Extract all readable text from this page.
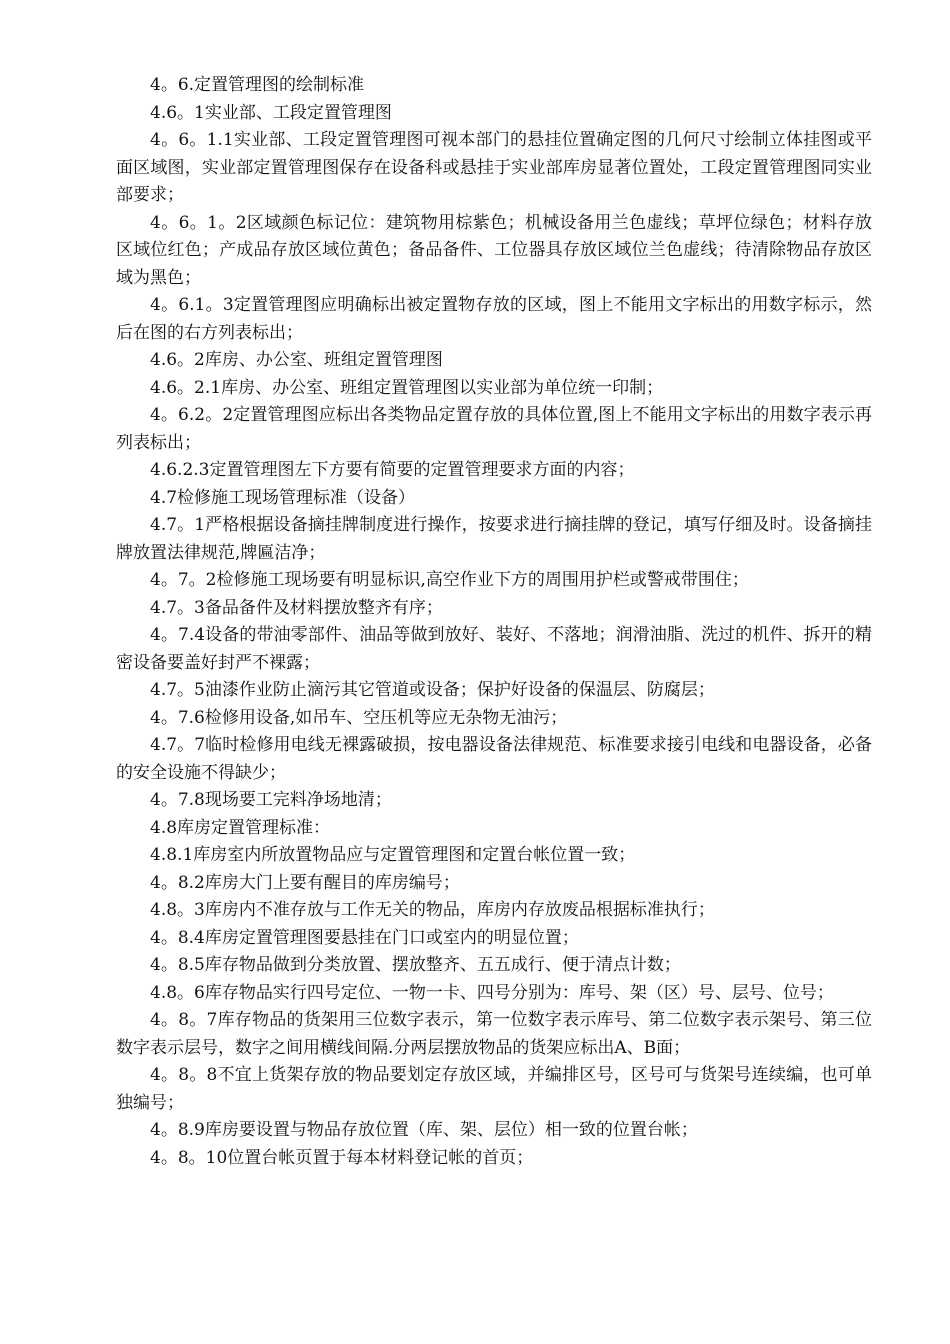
4。6.定置管理图的绘制标准

4.6。1实业部、工段定置管理图

4。6。1.1实业部、工段定置管理图可视本部门的悬挂位置确定图的几何尺寸绘制立体挂图或平面区域图，实业部定置管理图保存在设备科或悬挂于实业部库房显著位置处，工段定置管理图同实业部要求；

4。6。1。2区域颜色标记位：建筑物用棕紫色；机械设备用兰色虚线；草坪位绿色；材料存放区域位红色；产成品存放区域位黄色；备品备件、工位器具存放区域位兰色虚线；待清除物品存放区域为黑色；

4。6.1。3定置管理图应明确标出被定置物存放的区域，图上不能用文字标出的用数字标示，然后在图的右方列表标出；

4.6。2库房、办公室、班组定置管理图

4.6。2.1库房、办公室、班组定置管理图以实业部为单位统一印制；

4。6.2。2定置管理图应标出各类物品定置存放的具体位置,图上不能用文字标出的用数字表示再列表标出；

4.6.2.3定置管理图左下方要有简要的定置管理要求方面的内容；

4.7检修施工现场管理标准（设备）

4.7。1严格根据设备摘挂牌制度进行操作，按要求进行摘挂牌的登记，填写仔细及时。设备摘挂牌放置法律规范,牌匾洁净；

4。7。2检修施工现场要有明显标识,高空作业下方的周围用护栏或警戒带围住；

4.7。3备品备件及材料摆放整齐有序；

4。7.4设备的带油零部件、油品等做到放好、装好、不落地；润滑油脂、洗过的机件、拆开的精密设备要盖好封严不裸露；

4.7。5油漆作业防止滴污其它管道或设备；保护好设备的保温层、防腐层；

4。7.6检修用设备,如吊车、空压机等应无杂物无油污；

4.7。7临时检修用电线无裸露破损，按电器设备法律规范、标准要求接引电线和电器设备，必备的安全设施不得缺少；

4。7.8现场要工完料净场地清；

4.8库房定置管理标准：

4.8.1库房室内所放置物品应与定置管理图和定置台帐位置一致；

4。8.2库房大门上要有醒目的库房编号；

4.8。3库房内不准存放与工作无关的物品，库房内存放废品根据标准执行；

4。8.4库房定置管理图要悬挂在门口或室内的明显位置；

4。8.5库存物品做到分类放置、摆放整齐、五五成行、便于清点计数；

4.8。6库存物品实行四号定位、一物一卡、四号分别为：库号、架（区）号、层号、位号；

4。8。7库存物品的货架用三位数字表示，第一位数字表示库号、第二位数字表示架号、第三位数字表示层号，数字之间用横线间隔.分两层摆放物品的货架应标出A、B面；

4。8。8不宜上货架存放的物品要划定存放区域，并编排区号，区号可与货架号连续编，也可单独编号；

4。8.9库房要设置与物品存放位置（库、架、层位）相一致的位置台帐；

4。8。10位置台帐页置于每本材料登记帐的首页；
